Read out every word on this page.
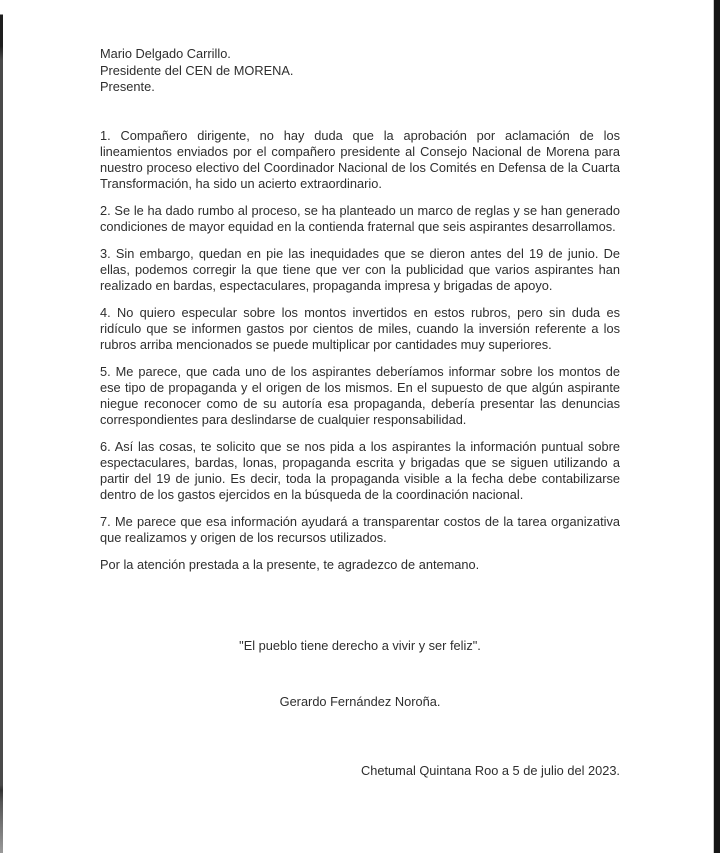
Mario Delgado Carrillo.
Presidente del CEN de MORENA.
Presente.

1. Compañero dirigente, no hay duda que la aprobación por aclamación de los lineamientos enviados por el compañero presidente al Consejo Nacional de Morena para nuestro proceso electivo del Coordinador Nacional de los Comités en Defensa de la Cuarta Transformación, ha sido un acierto extraordinario.

2. Se le ha dado rumbo al proceso, se ha planteado un marco de reglas y se han generado condiciones de mayor equidad en la contienda fraternal que seis aspirantes desarrollamos.

3. Sin embargo, quedan en pie las inequidades que se dieron antes del 19 de junio. De ellas, podemos corregir la que tiene que ver con la publicidad que varios aspirantes han realizado en bardas, espectaculares, propaganda impresa y brigadas de apoyo.

4. No quiero especular sobre los montos invertidos en estos rubros, pero sin duda es ridículo que se informen gastos por cientos de miles, cuando la inversión referente a los rubros arriba mencionados se puede multiplicar por cantidades muy superiores.

5. Me parece, que cada uno de los aspirantes deberíamos informar sobre los montos de ese tipo de propaganda y el origen de los mismos. En el supuesto de que algún aspirante niegue reconocer como de su autoría esa propaganda, debería presentar las denuncias correspondientes para deslindarse de cualquier responsabilidad.

6. Así las cosas, te solicito que se nos pida a los aspirantes la información puntual sobre espectaculares, bardas, lonas, propaganda escrita y brigadas que se siguen utilizando a partir del 19 de junio. Es decir, toda la propaganda visible a la fecha debe contabilizarse dentro de los gastos ejercidos en la búsqueda de la coordinación nacional.

7. Me parece que esa información ayudará a transparentar costos de la tarea organizativa que realizamos y origen de los recursos utilizados.

Por la atención prestada a la presente, te agradezco de antemano.

"El pueblo tiene derecho a vivir y ser feliz".
Gerardo Fernández Noroña.
Chetumal Quintana Roo a 5 de julio del 2023.
